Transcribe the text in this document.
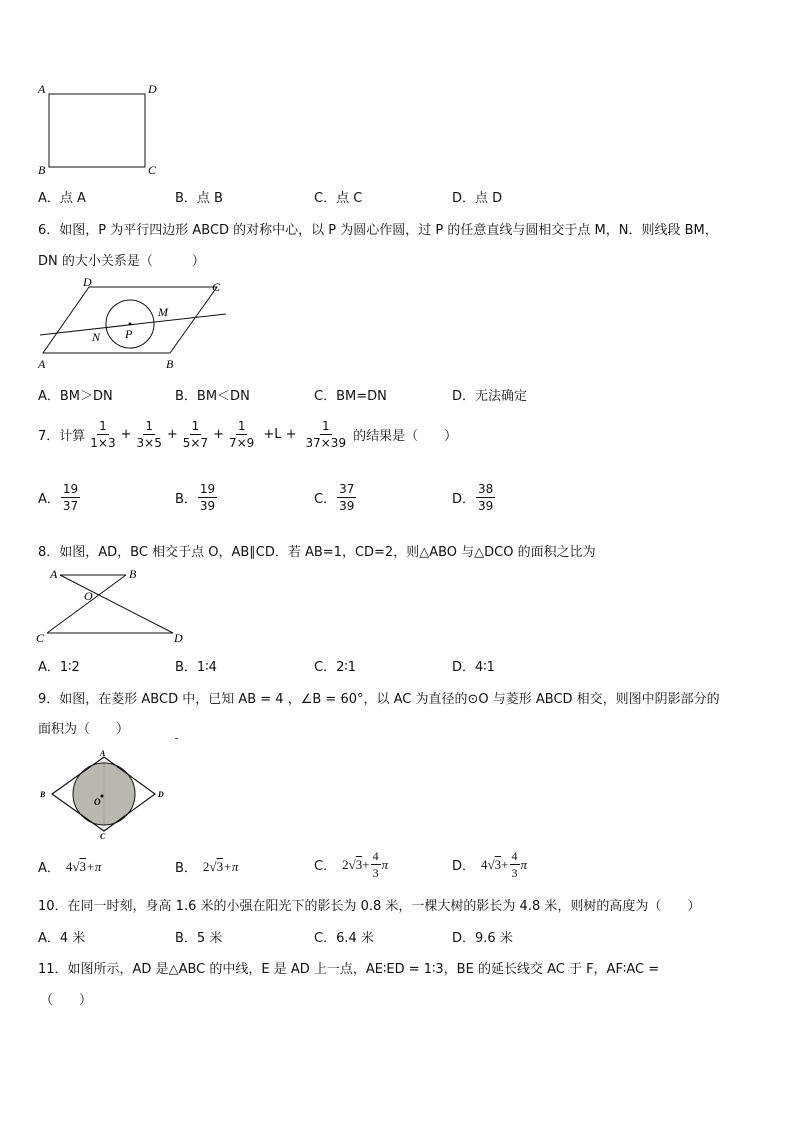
A	D
B	C
A．点 A	B．点 B	C．点 C	D．点 D
6．如图，P 为平行四边形 ABCD 的对称中心，以 P 为圆心作圆，过 P 的任意直线与圆相交于点 M，N．则线段 BM，
DN 的大小关系是（　　　）
D	C
M
N P
A	B
A．BM＞DN	B．BM＜DN	C．BM=DN	D．无法确定
7．计算 $\frac{1}{1\times 3} + \frac{1}{3\times 5} + \frac{1}{5\times 7} + \frac{1}{7\times 9} +L + \frac{1}{37\times 39}$ 的结果是（　　）
A． $\frac{19}{37}$	B． $\frac{19}{39}$	C． $\frac{37}{39}$	D． $\frac{38}{39}$
8．如图，AD，BC 相交于点 O，AB∥CD．若 AB=1，CD=2，则△ABO 与△DCO 的面积之比为
A	B
O
C	D
A．1∶2	B．1∶4	C．2∶1	D．4∶1
9．如图，在菱形 ABCD 中，已知 AB = 4 ，∠B = 60°，以 AC 为直径的⊙O 与菱形 ABCD 相交，则图中阴影部分的
面积为（　　）
A
B
C
D
O
A． 4 √3 +π	B． 2 √3 +π	C． 2 $√3 + \frac{4}{3}$ π	D． 4 $√3 + \frac{4}{3}$ π
10．在同一时刻，身高 1.6 米的小强在阳光下的影长为 0.8 米，一棵大树的影长为 4.8 米，则树的高度为（　　）
A．4 米	B．5 米	C．6.4 米	D．9.6 米
11．如图所示，AD 是△ABC 的中线，E 是 AD 上一点，AE∶ED = 1∶3，BE 的延长线交 AC 于 F，AF∶AC =
（　　）
